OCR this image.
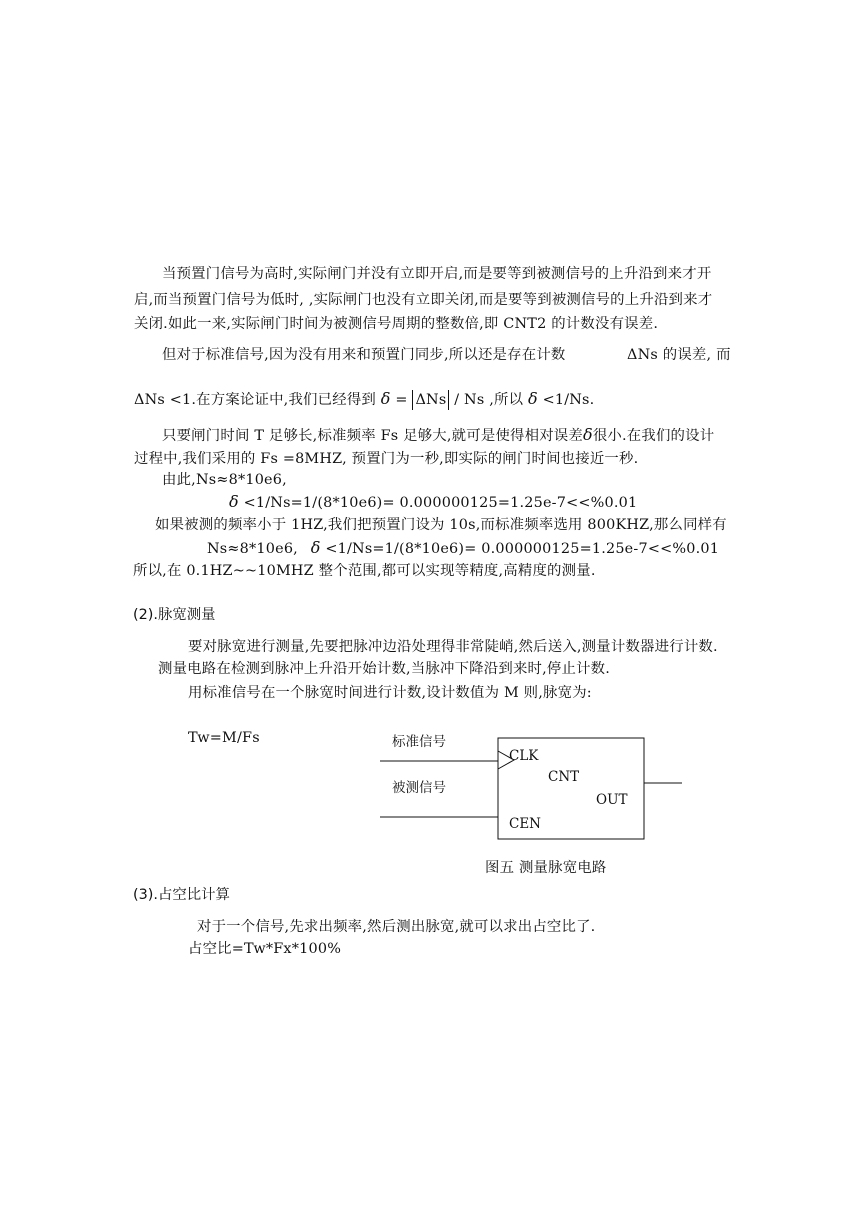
当预置门信号为高时,实际闸门并没有立即开启,而是要等到被测信号的上升沿到来才开
启,而当预置门信号为低时, ,实际闸门也没有立即关闭,而是要等到被测信号的上升沿到来才
关闭.如此一来,实际闸门时间为被测信号周期的整数倍,即 CNT2 的计数没有误差.
但对于标准信号,因为没有用来和预置门同步,所以还是存在计数	ΔNs 的误差, 而
ΔNs <1.在方案论证中,我们已经得到 δ = ΔNs / Ns ,所以 δ <1/Ns.
只要闸门时间 T 足够长,标准频率 Fs 足够大,就可是使得相对误差δ很小.在我们的设计
过程中,我们采用的 Fs =8MHZ, 预置门为一秒,即实际的闸门时间也接近一秒.
由此,Ns≈8*10e6,
δ <1/Ns=1/(8*10e6)= 0.000000125=1.25e-7<<%0.01
如果被测的频率小于 1HZ,我们把预置门设为 10s,而标准频率选用 800KHZ,那么同样有
Ns≈8*10e6, δ <1/Ns=1/(8*10e6)= 0.000000125=1.25e-7<<%0.01
所以,在 0.1HZ~~10MHZ 整个范围,都可以实现等精度,高精度的测量.
(2).脉宽测量
要对脉宽进行测量,先要把脉冲边沿处理得非常陡峭,然后送入,测量计数器进行计数.
测量电路在检测到脉冲上升沿开始计数,当脉冲下降沿到来时,停止计数.
用标准信号在一个脉宽时间进行计数,设计数值为 M 则,脉宽为:
Tw=M/Fs	标准信号
被测信号
CLK
CNT
OUT
CEN
图五 测量脉宽电路
(3).占空比计算
对于一个信号,先求出频率,然后测出脉宽,就可以求出占空比了.
占空比=Tw*Fx*100%
